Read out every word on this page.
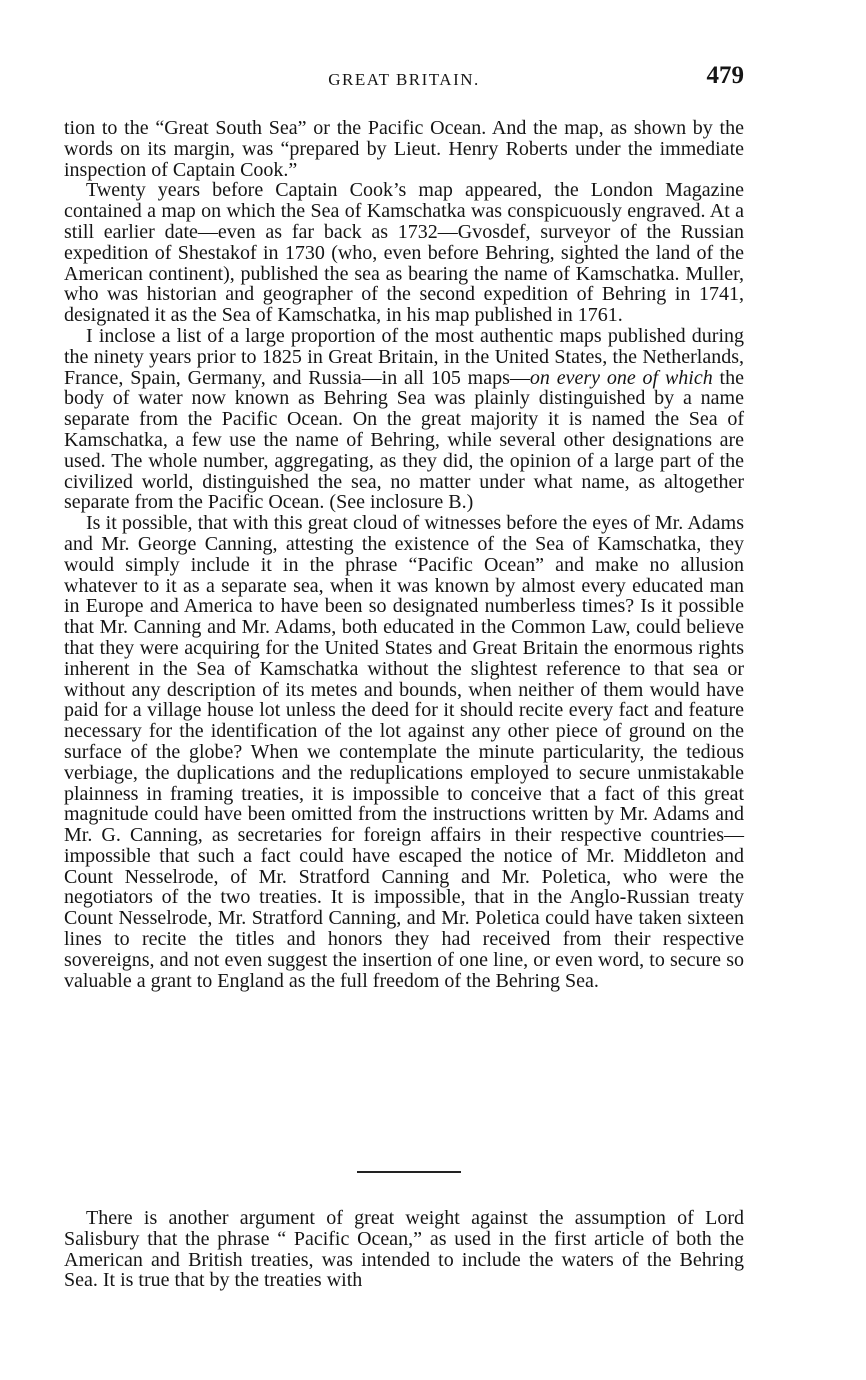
GREAT BRITAIN.	479

tion to the “Great South Sea” or the Pacific Ocean. And the map, as shown by the words on its margin, was “prepared by Lieut. Henry Roberts under the immediate inspection of Captain Cook.”

Twenty years before Captain Cook’s map appeared, the London Magazine contained a map on which the Sea of Kamschatka was conspicuously engraved. At a still earlier date—even as far back as 1732—Gvosdef, surveyor of the Russian expedition of Shestakof in 1730 (who, even before Behring, sighted the land of the American continent), published the sea as bearing the name of Kamschatka. Muller, who was historian and geographer of the second expedition of Behring in 1741, designated it as the Sea of Kamschatka, in his map published in 1761.

I inclose a list of a large proportion of the most authentic maps published during the ninety years prior to 1825 in Great Britain, in the United States, the Netherlands, France, Spain, Germany, and Russia—in all 105 maps—on every one of which the body of water now known as Behring Sea was plainly distinguished by a name separate from the Pacific Ocean. On the great majority it is named the Sea of Kamschatka, a few use the name of Behring, while several other designations are used. The whole number, aggregating, as they did, the opinion of a large part of the civilized world, distinguished the sea, no matter under what name, as altogether separate from the Pacific Ocean. (See inclosure B.)

Is it possible, that with this great cloud of witnesses before the eyes of Mr. Adams and Mr. George Canning, attesting the existence of the Sea of Kamschatka, they would simply include it in the phrase “Pacific Ocean” and make no allusion whatever to it as a separate sea, when it was known by almost every educated man in Europe and America to have been so designated numberless times? Is it possible that Mr. Canning and Mr. Adams, both educated in the Common Law, could believe that they were acquiring for the United States and Great Britain the enormous rights inherent in the Sea of Kamschatka without the slightest reference to that sea or without any description of its metes and bounds, when neither of them would have paid for a village house lot unless the deed for it should recite every fact and feature necessary for the identification of the lot against any other piece of ground on the surface of the globe? When we contemplate the minute particularity, the tedious verbiage, the duplications and the reduplications employed to secure unmistakable plainness in framing treaties, it is impossible to conceive that a fact of this great magnitude could have been omitted from the instructions written by Mr. Adams and Mr. G. Canning, as secretaries for foreign affairs in their respective countries—impossible that such a fact could have escaped the notice of Mr. Middleton and Count Nesselrode, of Mr. Stratford Canning and Mr. Poletica, who were the negotiators of the two treaties. It is impossible, that in the Anglo-Russian treaty Count Nesselrode, Mr. Stratford Canning, and Mr. Poletica could have taken sixteen lines to recite the titles and honors they had received from their respective sovereigns, and not even suggest the insertion of one line, or even word, to secure so valuable a grant to England as the full freedom of the Behring Sea.

There is another argument of great weight against the assumption of Lord Salisbury that the phrase “ Pacific Ocean,” as used in the first article of both the American and British treaties, was intended to include the waters of the Behring Sea. It is true that by the treaties with
